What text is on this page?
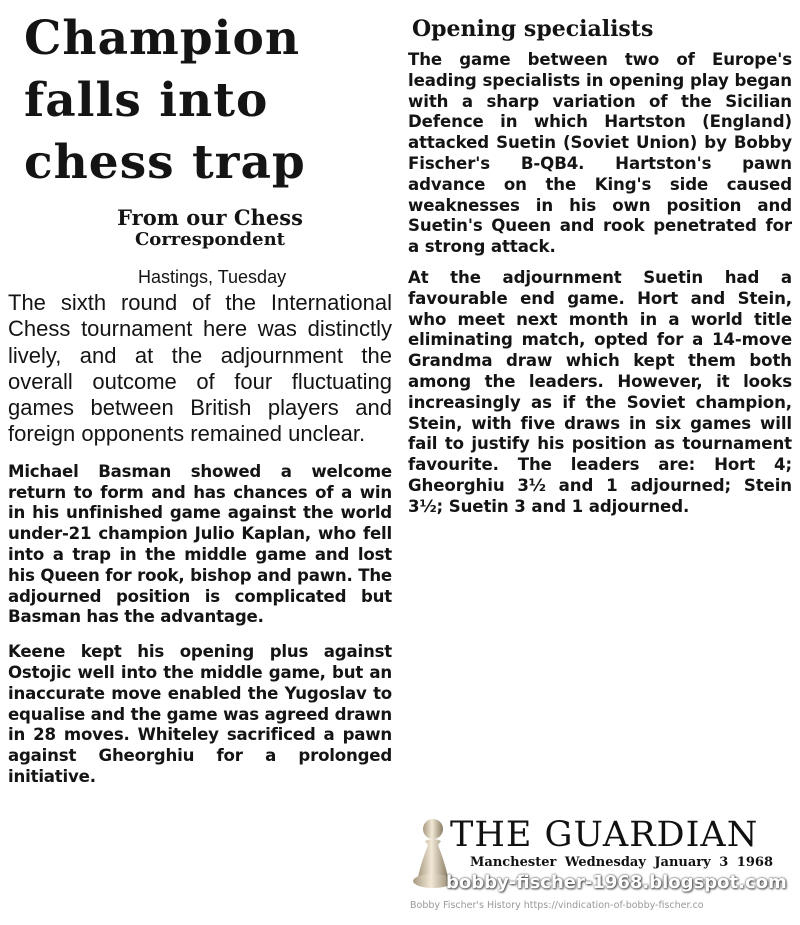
Champion
falls into
chess trap
From our Chess
Correspondent
Hastings, Tuesday

The sixth round of the International Chess tournament here was distinctly lively, and at the adjournment the overall outcome of four fluctuating games between British players and foreign opponents remained unclear.

Michael Basman showed a welcome return to form and has chances of a win in his unfinished game against the world under-21 champion Julio Kaplan, who fell into a trap in the middle game and lost his Queen for rook, bishop and pawn. The adjourned position is complicated but Basman has the advantage.

Keene kept his opening plus against Ostojic well into the middle game, but an inaccurate move enabled the Yugoslav to equalise and the game was agreed drawn in 28 moves. Whiteley sacrificed a pawn against Gheorghiu for a prolonged initiative.

Opening specialists

The game between two of Europe's leading specialists in opening play began with a sharp variation of the Sicilian Defence in which Hartston (England) attacked Suetin (Soviet Union) by Bobby Fischer's B-QB4. Hartston's pawn advance on the King's side caused weaknesses in his own position and Suetin's Queen and rook penetrated for a strong attack.

At the adjournment Suetin had a favourable end game. Hort and Stein, who meet next month in a world title eliminating match, opted for a 14-move Grandma draw which kept them both among the leaders. However, it looks increasingly as if the Soviet champion, Stein, with five draws in six games will fail to justify his position as tournament favourite. The leaders are: Hort 4; Gheorghiu 3½ and 1 adjourned; Stein 3½; Suetin 3 and 1 adjourned.

THE GUARDIAN
Manchester Wednesday January 3 1968
bobby-fischer-1968.blogspot.com
Bobby Fischer's History https://vindication-of-bobby-fischer.co
